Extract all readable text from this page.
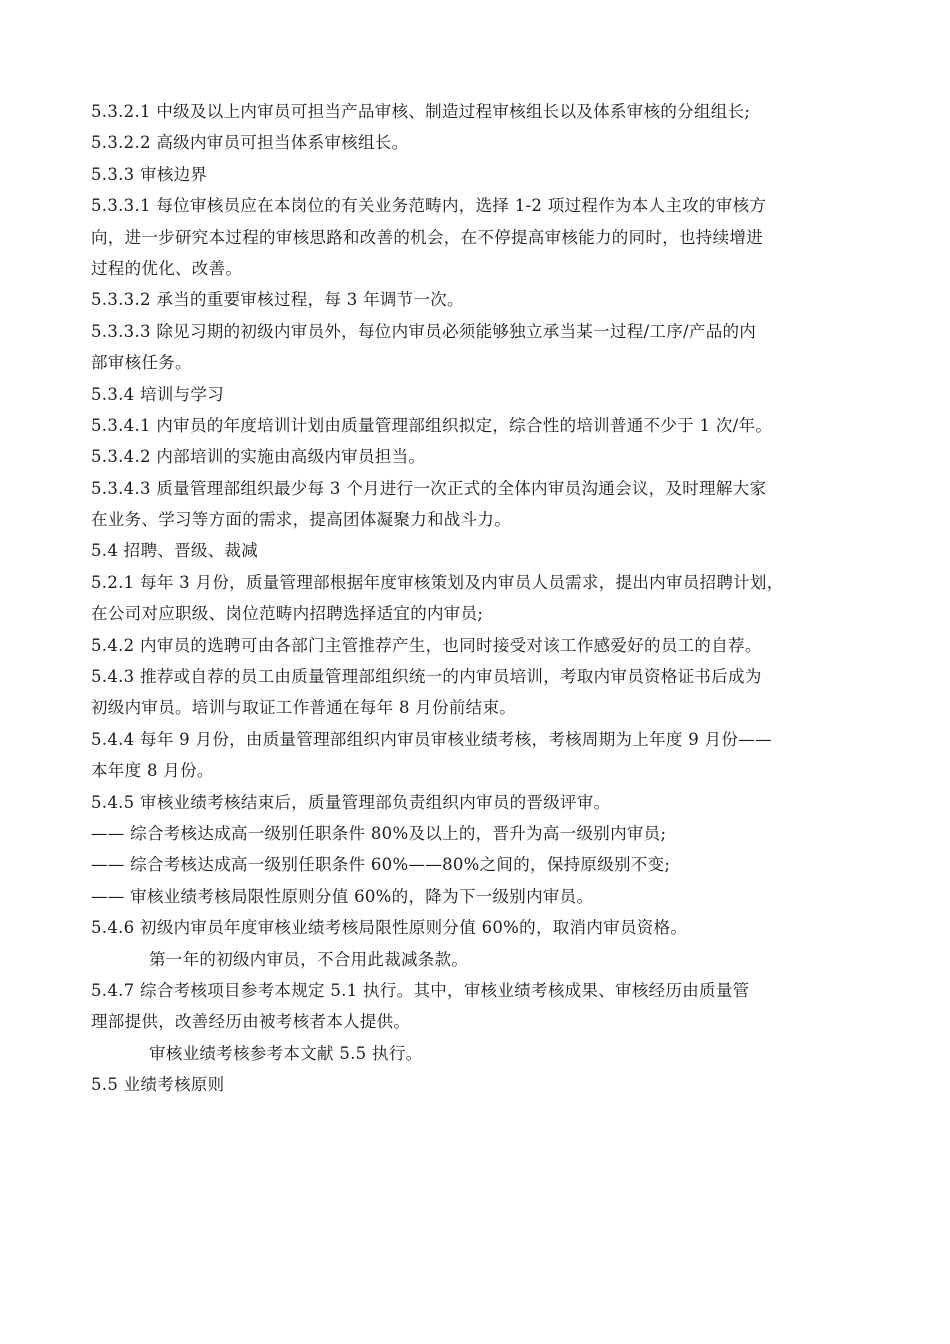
5.3.2.1 中级及以上内审员可担当产品审核、制造过程审核组长以及体系审核的分组组长;
5.3.2.2 高级内审员可担当体系审核组长。
5.3.3 审核边界
5.3.3.1 每位审核员应在本岗位的有关业务范畴内，选择 1-2 项过程作为本人主攻的审核方
向，进一步研究本过程的审核思路和改善的机会，在不停提高审核能力的同时，也持续增进
过程的优化、改善。
5.3.3.2 承当的重要审核过程，每 3 年调节一次。
5.3.3.3 除见习期的初级内审员外，每位内审员必须能够独立承当某一过程/工序/产品的内
部审核任务。
5.3.4 培训与学习
5.3.4.1 内审员的年度培训计划由质量管理部组织拟定，综合性的培训普通不少于 1 次/年。
5.3.4.2 内部培训的实施由高级内审员担当。
5.3.4.3 质量管理部组织最少每 3 个月进行一次正式的全体内审员沟通会议，及时理解大家
在业务、学习等方面的需求，提高团体凝聚力和战斗力。
5.4 招聘、晋级、裁减
5.2.1 每年 3 月份，质量管理部根据年度审核策划及内审员人员需求，提出内审员招聘计划，
在公司对应职级、岗位范畴内招聘选择适宜的内审员;
5.4.2 内审员的选聘可由各部门主管推荐产生，也同时接受对该工作感爱好的员工的自荐。
5.4.3 推荐或自荐的员工由质量管理部组织统一的内审员培训，考取内审员资格证书后成为
初级内审员。培训与取证工作普通在每年 8 月份前结束。
5.4.4 每年 9 月份，由质量管理部组织内审员审核业绩考核，考核周期为上年度 9 月份——
本年度 8 月份。
5.4.5 审核业绩考核结束后，质量管理部负责组织内审员的晋级评审。
—— 综合考核达成高一级别任职条件 80%及以上的，晋升为高一级别内审员;
—— 综合考核达成高一级别任职条件 60%——80%之间的，保持原级别不变;
—— 审核业绩考核局限性原则分值 60%的，降为下一级别内审员。
5.4.6 初级内审员年度审核业绩考核局限性原则分值 60%的，取消内审员资格。
第一年的初级内审员，不合用此裁减条款。
5.4.7 综合考核项目参考本规定 5.1 执行。其中，审核业绩考核成果、审核经历由质量管
理部提供，改善经历由被考核者本人提供。
审核业绩考核参考本文献 5.5 执行。
5.5 业绩考核原则
